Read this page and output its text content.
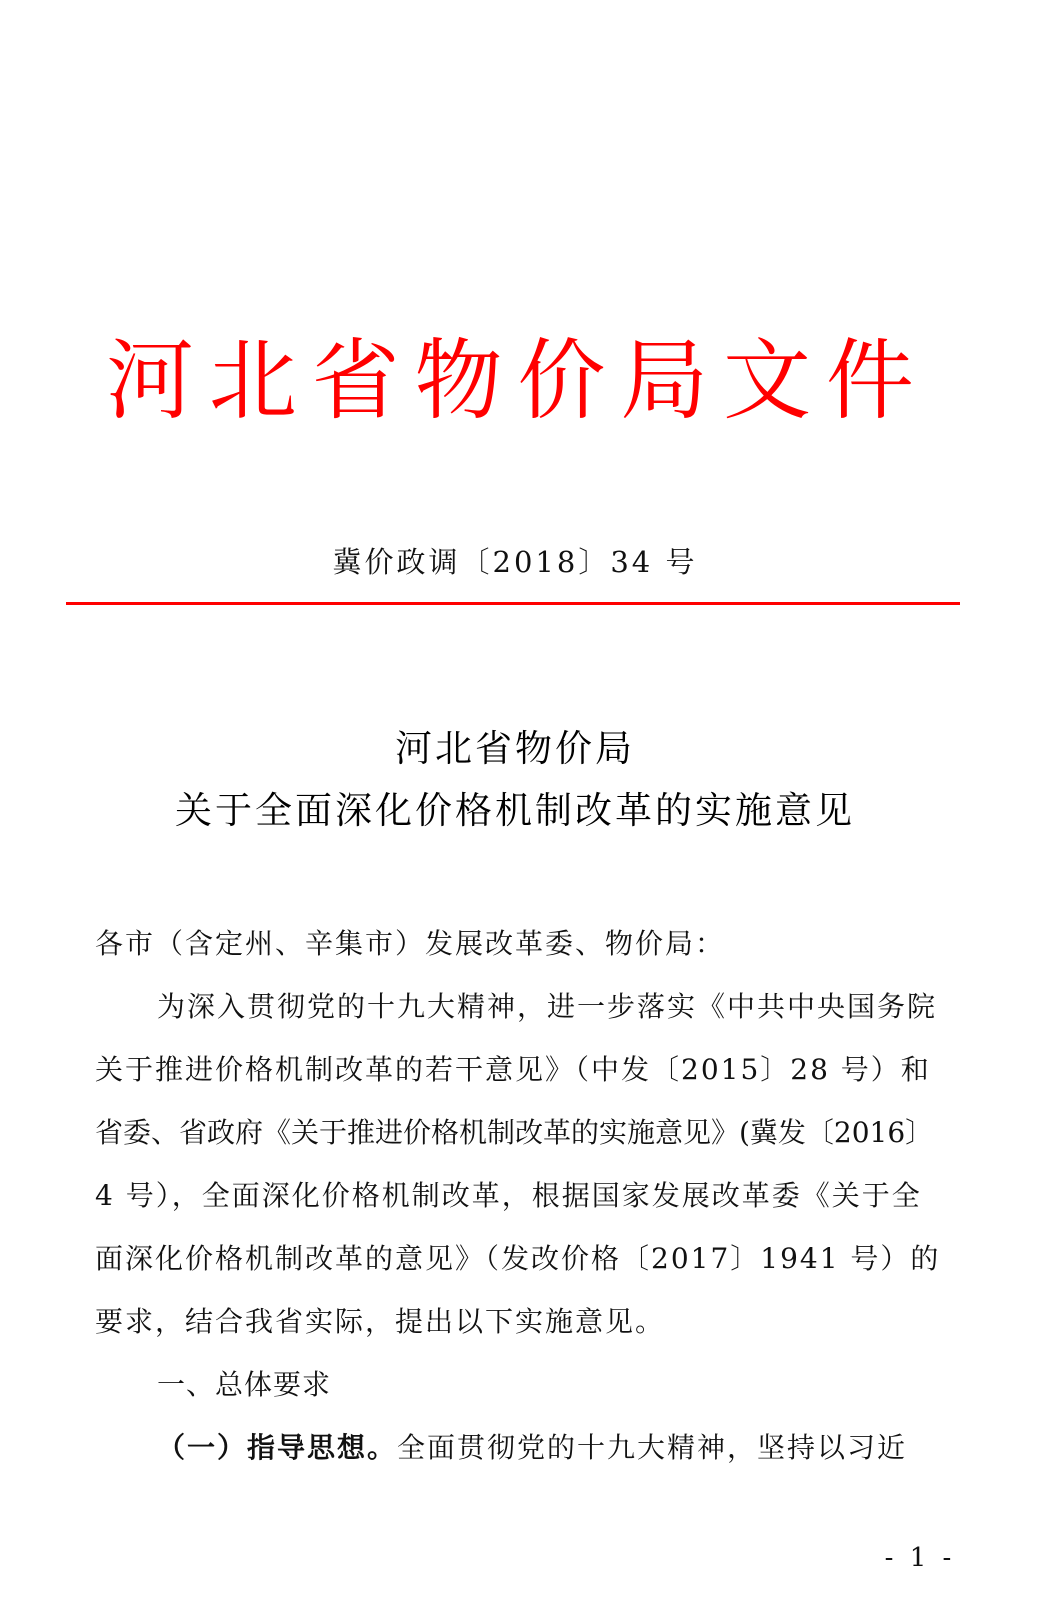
河 北 省 物 价 局 文 件
冀价政调〔2018〕34 号
河北省物价局
关于全面深化价格机制改革的实施意见
各市（含定州、辛集市）发展改革委、物价局：
为深入贯彻党的十九大精神，进一步落实《中共中央国务院
关于推进价格机制改革的若干意见》（中发〔2015〕28 号）和
省委、省政府《关于推进价格机制改革的实施意见》(冀发〔2016〕
4 号），全面深化价格机制改革，根据国家发展改革委《关于全
面深化价格机制改革的意见》（发改价格〔2017〕1941 号）的
要求，结合我省实际，提出以下实施意见。
一、总体要求
（一）指导思想。全面贯彻党的十九大精神，坚持以习近
- 1 -
